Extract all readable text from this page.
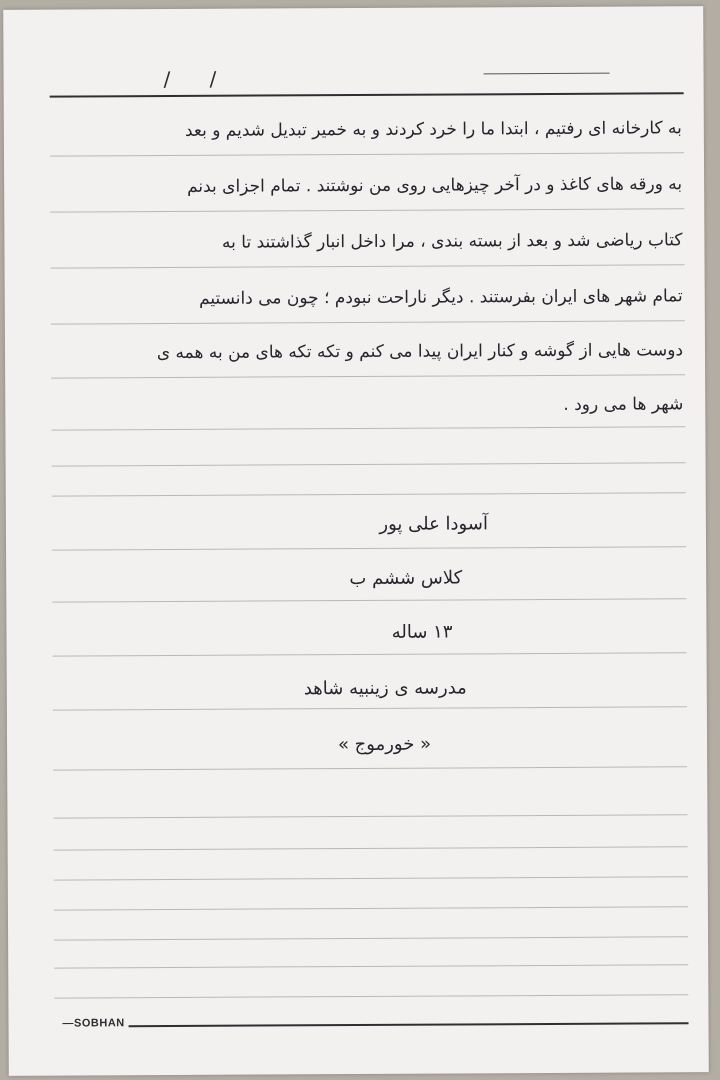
/ /
به کارخانه ای رفتیم ، ابتدا ما را خرد کردند و به خمیر تبدیل شدیم و بعد
به ورقه های کاغذ و در آخر چیزهایی روی من نوشتند . تمام اجزای بدنم
کتاب ریاضی شد و بعد از بسته بندی ، مرا داخل انبار گذاشتند تا به
تمام شهر های ایران بفرستند . دیگر ناراحت نبودم ؛ چون می دانستیم
دوست هایی از گوشه و کنار ایران پیدا می کنم و تکه تکه های من به همه ی
شهر ها می رود .
آسودا علی پور
کلاس ششم ب
۱۳ ساله
مدرسه ی زینبیه شاهد
« خورموج »
—SOBHAN
